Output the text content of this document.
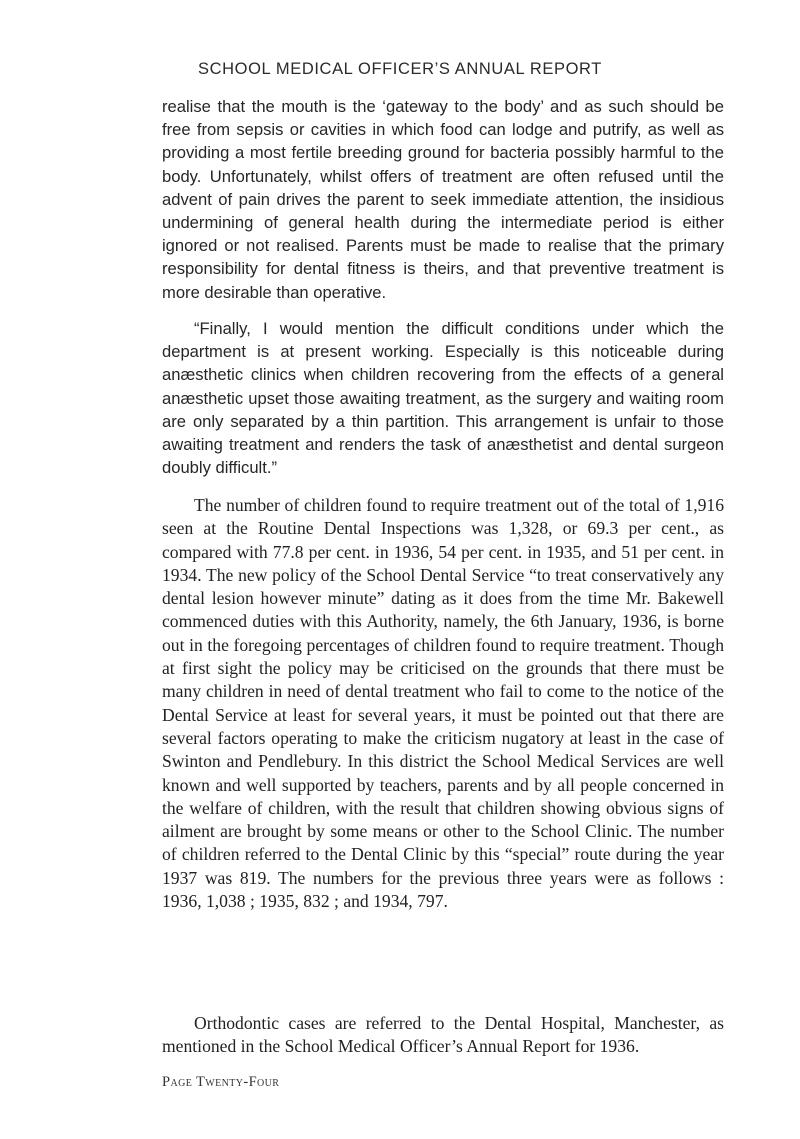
SCHOOL MEDICAL OFFICER’S ANNUAL REPORT

realise that the mouth is the ‘gateway to the body’ and as such should be free from sepsis or cavities in which food can lodge and putrify, as well as providing a most fertile breeding ground for bacteria possibly harmful to the body. Unfortunately, whilst offers of treatment are often refused until the advent of pain drives the parent to seek immediate attention, the insidious undermining of general health during the intermediate period is either ignored or not realised. Parents must be made to realise that the primary responsibility for dental fitness is theirs, and that preventive treatment is more desirable than operative.

“Finally, I would mention the difficult conditions under which the department is at present working. Especially is this noticeable during anæsthetic clinics when children recovering from the effects of a general anæsthetic upset those awaiting treatment, as the surgery and waiting room are only separated by a thin partition. This arrangement is unfair to those awaiting treatment and renders the task of anæsthetist and dental surgeon doubly difficult.”

The number of children found to require treatment out of the total of 1,916 seen at the Routine Dental Inspections was 1,328, or 69.3 per cent., as compared with 77.8 per cent. in 1936, 54 per cent. in 1935, and 51 per cent. in 1934. The new policy of the School Dental Service “to treat conservatively any dental lesion however minute” dating as it does from the time Mr. Bakewell commenced duties with this Authority, namely, the 6th January, 1936, is borne out in the foregoing percentages of children found to require treatment. Though at first sight the policy may be criticised on the grounds that there must be many children in need of dental treatment who fail to come to the notice of the Dental Service at least for several years, it must be pointed out that there are several factors operating to make the criticism nugatory at least in the case of Swinton and Pendlebury. In this district the School Medical Services are well known and well supported by teachers, parents and by all people concerned in the welfare of children, with the result that children showing obvious signs of ailment are brought by some means or other to the School Clinic. The number of children referred to the Dental Clinic by this “special” route during the year 1937 was 819. The numbers for the previous three years were as follows : 1936, 1,038 ; 1935, 832 ; and 1934, 797.

Orthodontic cases are referred to the Dental Hospital, Manchester, as mentioned in the School Medical Officer’s Annual Report for 1936.

Page Twenty-Four
